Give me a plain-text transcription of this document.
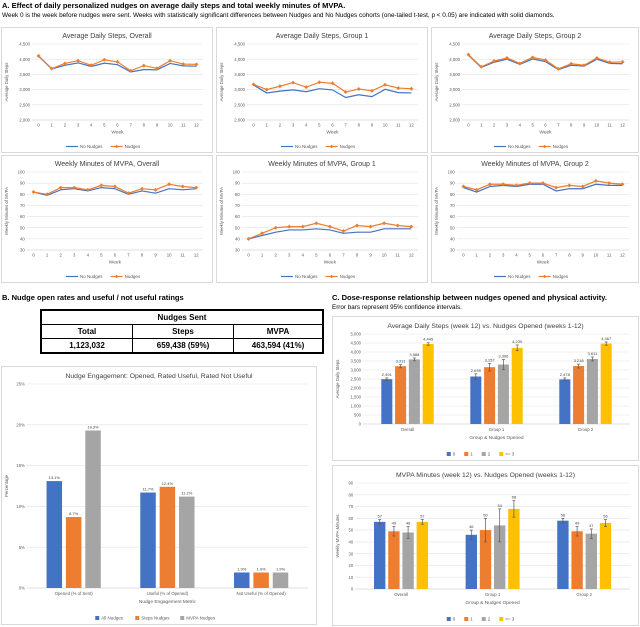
A. Effect of daily personalized nudges on average daily steps and total weekly minutes of MVPA.
Week 0 is the week before nudges were sent. Weeks with statistically significant differences between Nudges and No Nudges cohorts (one-tailed t-test, p < 0.05) are indicated with solid diamonds.
Average Daily Steps, Overall
2,000
2,500
3,000
3,500
4,000
4,500
Average Daily Steps
0	1	2	3	4	5	6	7	8	9 10 11 12
Week
No Nudges	Nudges
Average Daily Steps, Group 1
2,000
2,500
3,000
3,500
4,000
4,500
Average Daily Steps
0	1	2	3	4	5	6	7	8	9 10 11 12
Week
No Nudges	Nudges
Average Daily Steps, Group 2
2,000
2,500
3,000
3,500
4,000
4,500
Average Daily Steps
0 1 2 3 4 5 6 7 8 9 10 11 12
Week
No Nudges	Nudges
Weekly Minutes of MVPA, Overall
30
40
50
60
70
80
90
100
Weekly Minutes of MVPA
0	1	2	3	4	5	6	7	8	9 10 11 12
Week
No Nudges	Nudges
Weekly Minutes of MVPA, Group 1
30
40
50
60
70
80
90
100
Weekly Minutes of MVPA
0	1	2	3	4	5	6	7	8	9 10 11 12
Week
No Nudges	Nudges
Weekly Minutes of MVPA, Group 2
30
40
50
60
70
80
90
100
Weekly Minutes of MVPA
0	1	2	3	4	5	6	7	8	9 10 11 12
Week
No Nudges	Nudges
B. Nudge open rates and useful / not useful ratings
Nudges Sent		
Total	Steps	MVPA
1,123,032	659,438 (59%)	463,594 (41%)
Nudge Engagement: Opened, Rated Useful, Rated Not Useful
0%
5%
10%
15%
20%
25%
Percentage	13.1%
8.7%
19.3%
Opened (% of Sent)
11.7%
12.4%
11.2%
Useful (% of Opened)
1.9%	1.9%	1.9%
Not Useful (% of Opened)
Nudge Engagement Metric
All Nudges	Steps Nudges	MVPA Nudges
C. Dose-response relationship between nudges opened and physical activity.
Error bars represent 95% confidence intervals.
Average Daily Steps (week 12) vs. Nudges Opened (weeks 1-12)
0
500
1,000
1,500
2,000
2,500
3,000
3,500
4,000
4,500
5,000
Average Daily Steps	2,491
3,211
3,588
4,445
Overall
2,639
3,157
3,306
4,230
Group 1
2,478
3,218
3,611
4,467
Group 2
Group & Nudges Opened
0	1	2	>= 3
MVPA Minutes (week 12) vs. Nudges Opened (weeks 1-12)
0
10
20
30
40
50
60
70
80
90
Weekly MVPA Minutes	57
49 48
57
Overall
46
50
54
68
Group 1
58
49 47
56
Group 2
Group & Nudges Opened
0	1	2	>= 3
